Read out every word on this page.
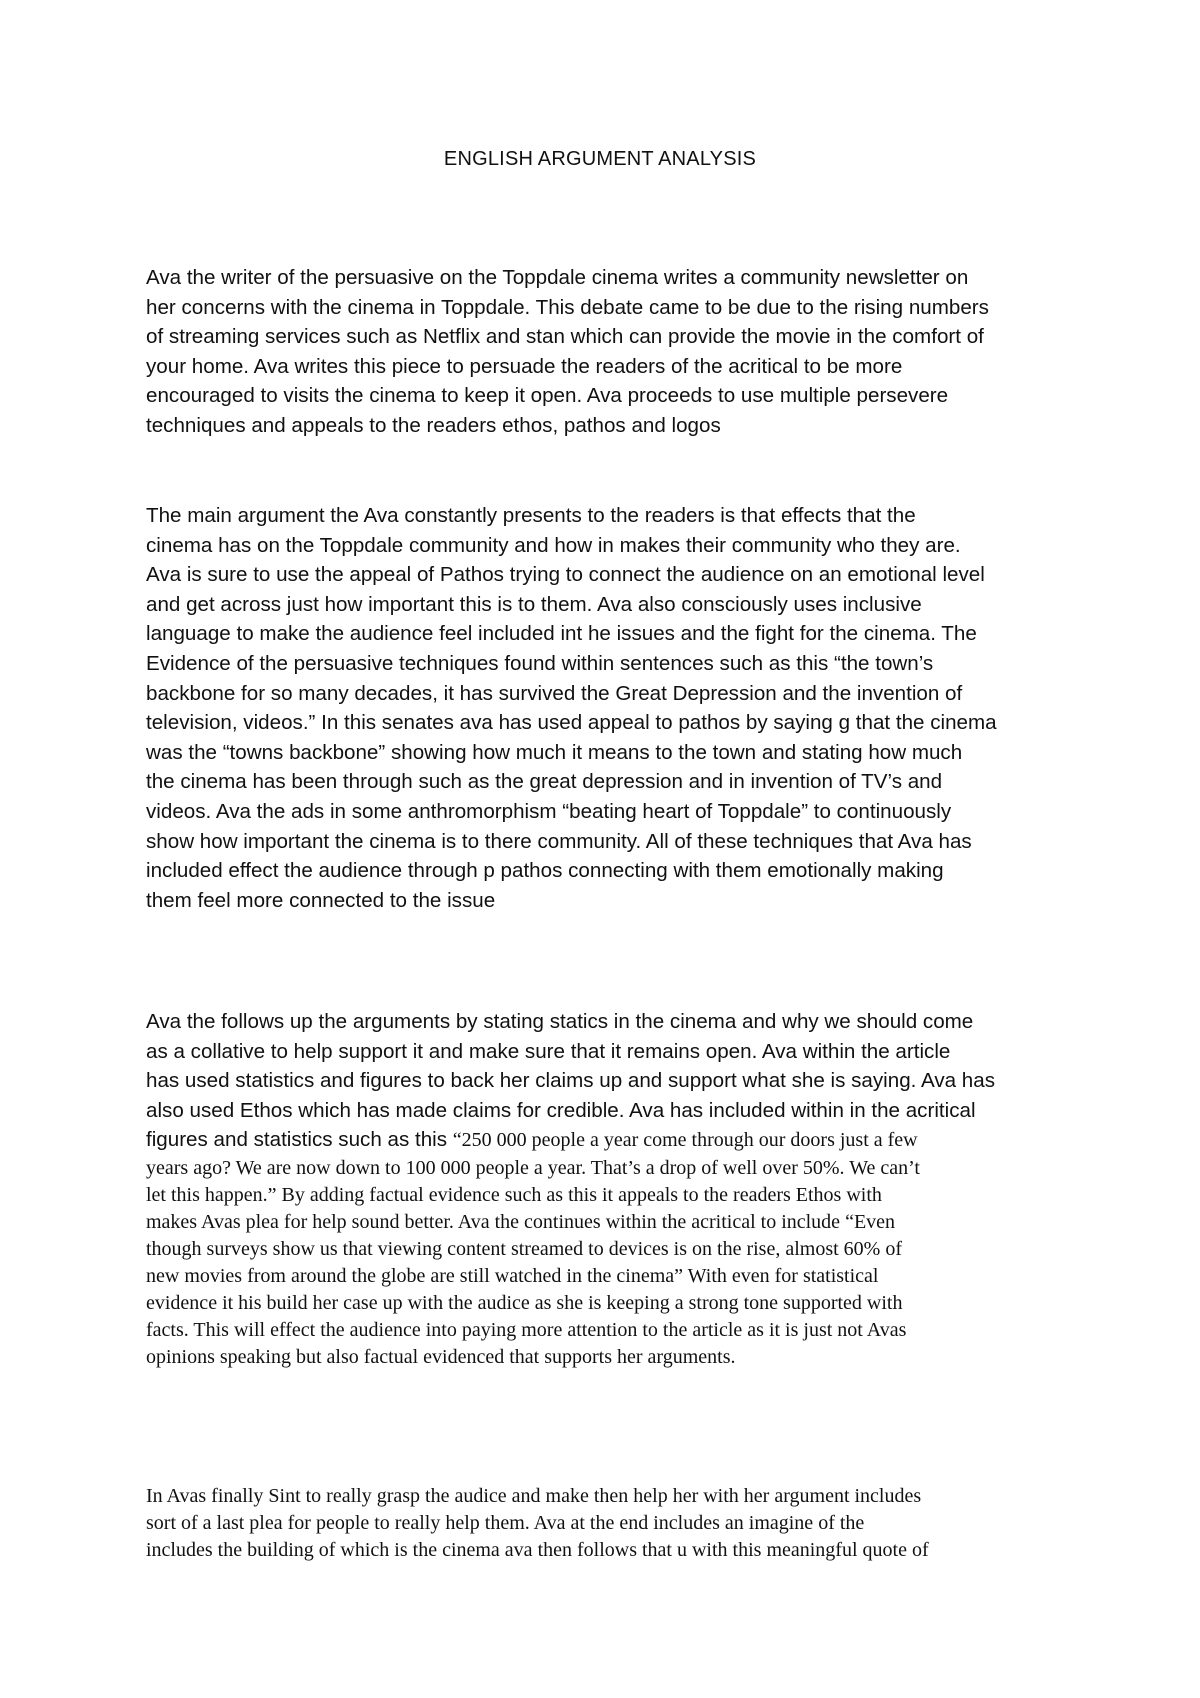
ENGLISH ARGUMENT ANALYSIS
Ava the writer of the persuasive on the Toppdale cinema writes a community newsletter on
her concerns with the cinema in Toppdale. This debate came to be due to the rising numbers
of streaming services such as Netflix and stan which can provide the movie in the comfort of
your home. Ava writes this piece to persuade the readers of the acritical to be more
encouraged to visits the cinema to keep it open. Ava proceeds to use multiple persevere
techniques and appeals to the readers ethos, pathos and logos
The main argument the Ava constantly presents to the readers is that effects that the
cinema has on the Toppdale community and how in makes their community who they are.
Ava is sure to use the appeal of Pathos trying to connect the audience on an emotional level
and get across just how important this is to them. Ava also consciously uses inclusive
language to make the audience feel included int he issues and the fight for the cinema. The
Evidence of the persuasive techniques found within sentences such as this “the town’s
backbone for so many decades, it has survived the Great Depression and the invention of
television, videos.” In this senates ava has used appeal to pathos by saying g that the cinema
was the “towns backbone” showing how much it means to the town and stating how much
the cinema has been through such as the great depression and in invention of TV’s and
videos. Ava the ads in some anthromorphism “beating heart of Toppdale” to continuously
show how important the cinema is to there community. All of these techniques that Ava has
included effect the audience through p pathos connecting with them emotionally making
them feel more connected to the issue
Ava the follows up the arguments by stating statics in the cinema and why we should come
as a collative to help support it and make sure that it remains open. Ava within the article
has used statistics and figures to back her claims up and support what she is saying. Ava has
also used Ethos which has made claims for credible. Ava has included within in the acritical
figures and statistics such as this “250 000 people a year come through our doors just a few
years ago? We are now down to 100 000 people a year. That’s a drop of well over 50%. We can’t
let this happen.” By adding factual evidence such as this it appeals to the readers Ethos with
makes Avas plea for help sound better. Ava the continues within the acritical to include “Even
though surveys show us that viewing content streamed to devices is on the rise, almost 60% of
new movies from around the globe are still watched in the cinema” With even for statistical
evidence it his build her case up with the audice as she is keeping a strong tone supported with
facts. This will effect the audience into paying more attention to the article as it is just not Avas
opinions speaking but also factual evidenced that supports her arguments.
In Avas finally Sint to really grasp the audice and make then help her with her argument includes
sort of a last plea for people to really help them. Ava at the end includes an imagine of the
includes the building of which is the cinema ava then follows that u with this meaningful quote of
